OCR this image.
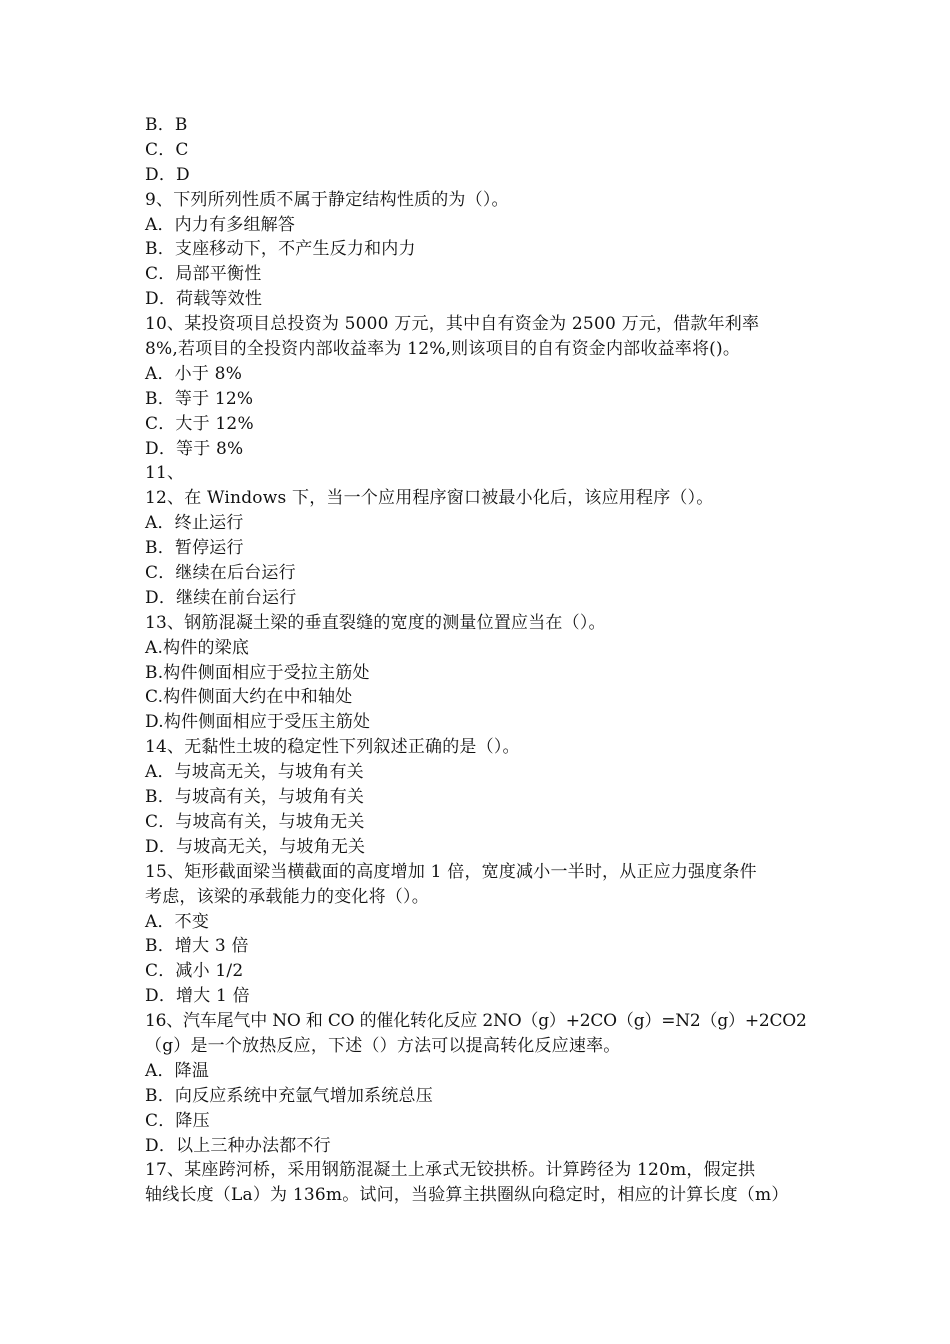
B．B
C．C
D．D
9、下列所列性质不属于静定结构性质的为（）。
A．内力有多组解答
B．支座移动下，不产生反力和内力
C．局部平衡性
D．荷载等效性
10、某投资项目总投资为 5000 万元，其中自有资金为 2500 万元，借款年利率
8%,若项目的全投资内部收益率为 12%,则该项目的自有资金内部收益率将()。
A．小于 8%
B．等于 12%
C．大于 12%
D．等于 8%
11、
12、在 Windows 下，当一个应用程序窗口被最小化后，该应用程序（）。
A．终止运行
B．暂停运行
C．继续在后台运行
D．继续在前台运行
13、钢筋混凝土梁的垂直裂缝的宽度的测量位置应当在（）。
A.构件的梁底
B.构件侧面相应于受拉主筋处
C.构件侧面大约在中和轴处
D.构件侧面相应于受压主筋处
14、无黏性土坡的稳定性下列叙述正确的是（）。
A．与坡高无关，与坡角有关
B．与坡高有关，与坡角有关
C．与坡高有关，与坡角无关
D．与坡高无关，与坡角无关
15、矩形截面梁当横截面的高度增加 1 倍，宽度减小一半时，从正应力强度条件
考虑，该梁的承载能力的变化将（）。
A．不变
B．增大 3 倍
C．减小 1/2
D．增大 1 倍
16、汽车尾气中 NO 和 CO 的催化转化反应 2NO（g）+2CO（g）=N2（g）+2CO2
（g）是一个放热反应，下述（）方法可以提高转化反应速率。
A．降温
B．向反应系统中充氩气增加系统总压
C．降压
D．以上三种办法都不行
17、某座跨河桥，采用钢筋混凝土上承式无铰拱桥。计算跨径为 120m，假定拱
轴线长度（La）为 136m。试问，当验算主拱圈纵向稳定时，相应的计算长度（m）
